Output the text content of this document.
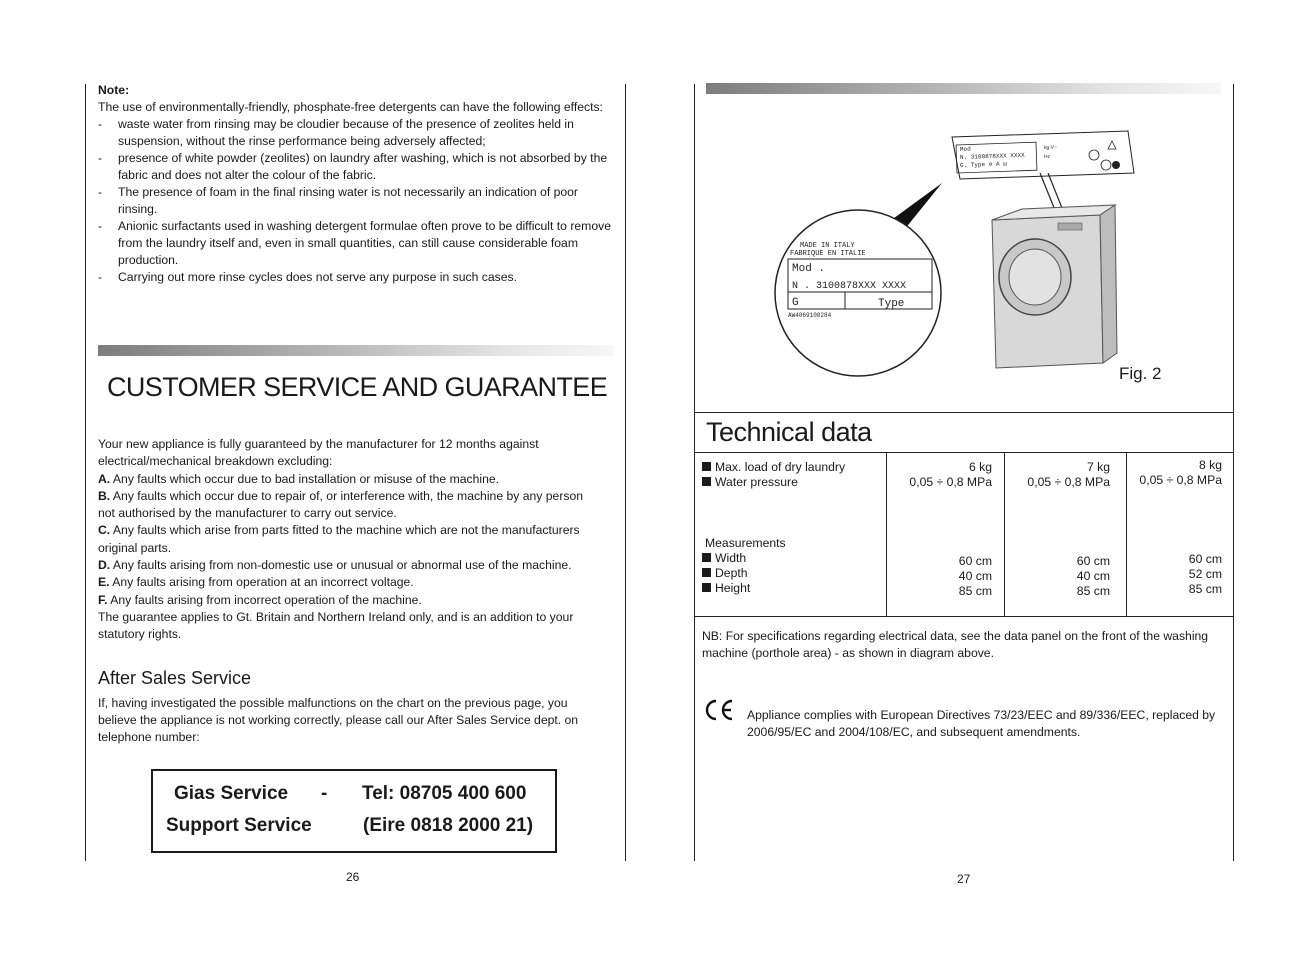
Note:
The use of environmentally-friendly, phosphate-free detergents can have the following effects:
- waste water from rinsing may be cloudier because of the presence of zeolites held in suspension, without the rinse performance being adversely affected;
- presence of white powder (zeolites) on laundry after washing, which is not absorbed by the fabric and does not alter the colour of the fabric.
- The presence of foam in the final rinsing water is not necessarily an indication of poor rinsing.
- Anionic surfactants used in washing detergent formulae often prove to be difficult to remove from the laundry itself and, even in small quantities, can still cause considerable foam production.
- Carrying out more rinse cycles does not serve any purpose in such cases.
CUSTOMER SERVICE AND GUARANTEE

Your new appliance is fully guaranteed by the manufacturer for 12 months against electrical/mechanical breakdown excluding:

A. Any faults which occur due to bad installation or misuse of the machine.

B. Any faults which occur due to repair of, or interference with, the machine by any person not authorised by the manufacturer to carry out service.

C. Any faults which arise from parts fitted to the machine which are not the manufacturers original parts.

D. Any faults arising from non-domestic use or unusual or abnormal use of the machine.

E. Any faults arising from operation at an incorrect voltage.

F. Any faults arising from incorrect operation of the machine.

The guarantee applies to Gt. Britain and Northern Ireland only, and is an addition to your statutory rights.

After Sales Service
If, having investigated the possible malfunctions on the chart on the previous page, you believe the appliance is not working correctly, please call our After Sales Service dept. on telephone number:
Gias Service - Tel: 08705 400 600
Support Service	(Eire 0818 2000 21)
26
Mod
N. 3100878XXX XXXX
G. Type ⊖ A ш
kg V~
Hz
MADE IN ITALY
FABRIQUE EN ITALIE
Mod .
N . 3100878XXX XXXX
G	Type
AW4069100284
Fig. 2
Technical data
Max. load of dry laundry
Water pressure
Measurements
Width
Depth
Height
6 kg
0,05 ÷ 0,8 MPa
60 cm
40 cm
85 cm
7 kg
0,05 ÷ 0,8 MPa
60 cm
40 cm
85 cm
8 kg
0,05 ÷ 0,8 MPa
60 cm
52 cm
85 cm
NB: For specifications regarding electrical data, see the data panel on the front of the washing machine (porthole area) - as shown in diagram above.
Appliance complies with European Directives 73/23/EEC and 89/336/EEC, replaced by 2006/95/EC and 2004/108/EC, and subsequent amendments.
27
